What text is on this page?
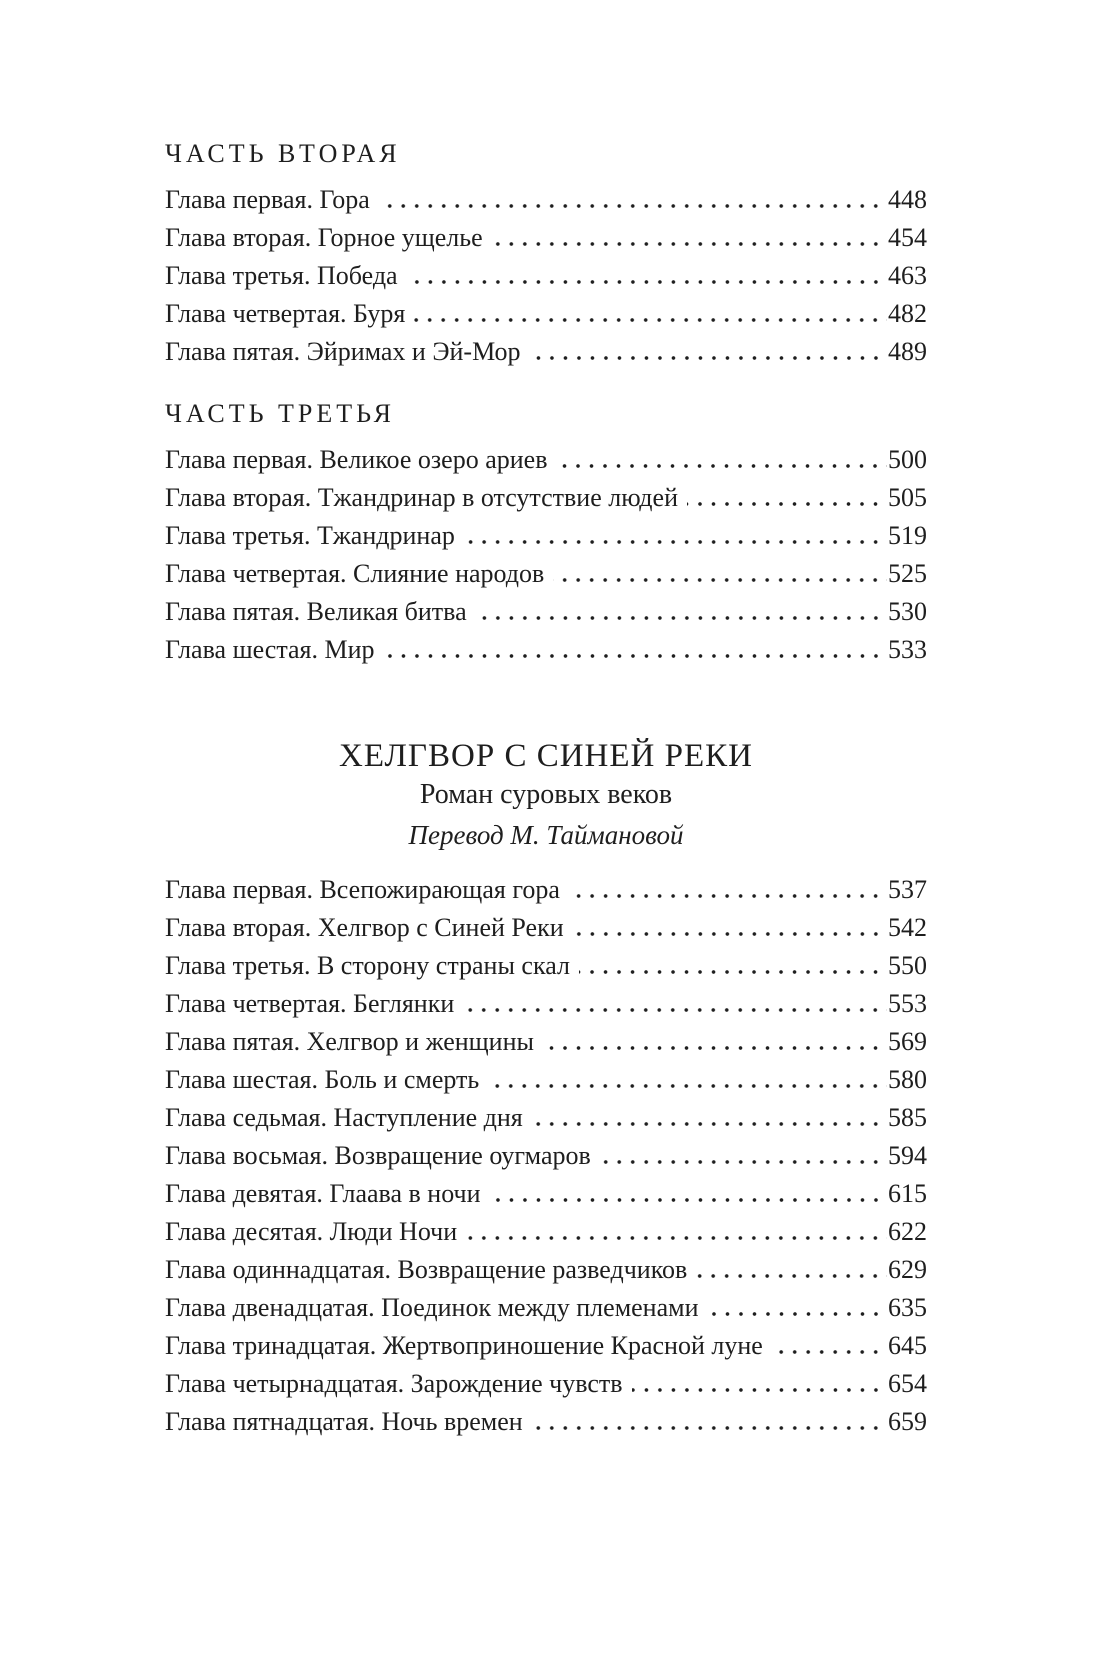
ЧАСТЬ ВТОРАЯ
Глава первая. Гора	448
Глава вторая. Горное ущелье	454
Глава третья. Победа	463
Глава четвертая. Буря	482
Глава пятая. Эйримах и Эй-Мор	489
ЧАСТЬ ТРЕТЬЯ
Глава первая. Великое озеро ариев	500
Глава вторая. Тжандринар в отсутствие людей	505
Глава третья. Тжандринар	519
Глава четвертая. Слияние народов	525
Глава пятая. Великая битва	530
Глава шестая. Мир	533
ХЕЛГВОР С СИНЕЙ РЕКИ

Роман суровых веков

Перевод М. Таймановой

Глава первая. Всепожирающая гора	537
Глава вторая. Хелгвор с Синей Реки	542
Глава третья. В сторону страны скал	550
Глава четвертая. Беглянки	553
Глава пятая. Хелгвор и женщины	569
Глава шестая. Боль и смерть	580
Глава седьмая. Наступление дня	585
Глава восьмая. Возвращение оугмаров	594
Глава девятая. Глаава в ночи	615
Глава десятая. Люди Ночи	622
Глава одиннадцатая. Возвращение разведчиков	629
Глава двенадцатая. Поединок между племенами	635
Глава тринадцатая. Жертвоприношение Красной луне	645
Глава четырнадцатая. Зарождение чувств	654
Глава пятнадцатая. Ночь времен	659
